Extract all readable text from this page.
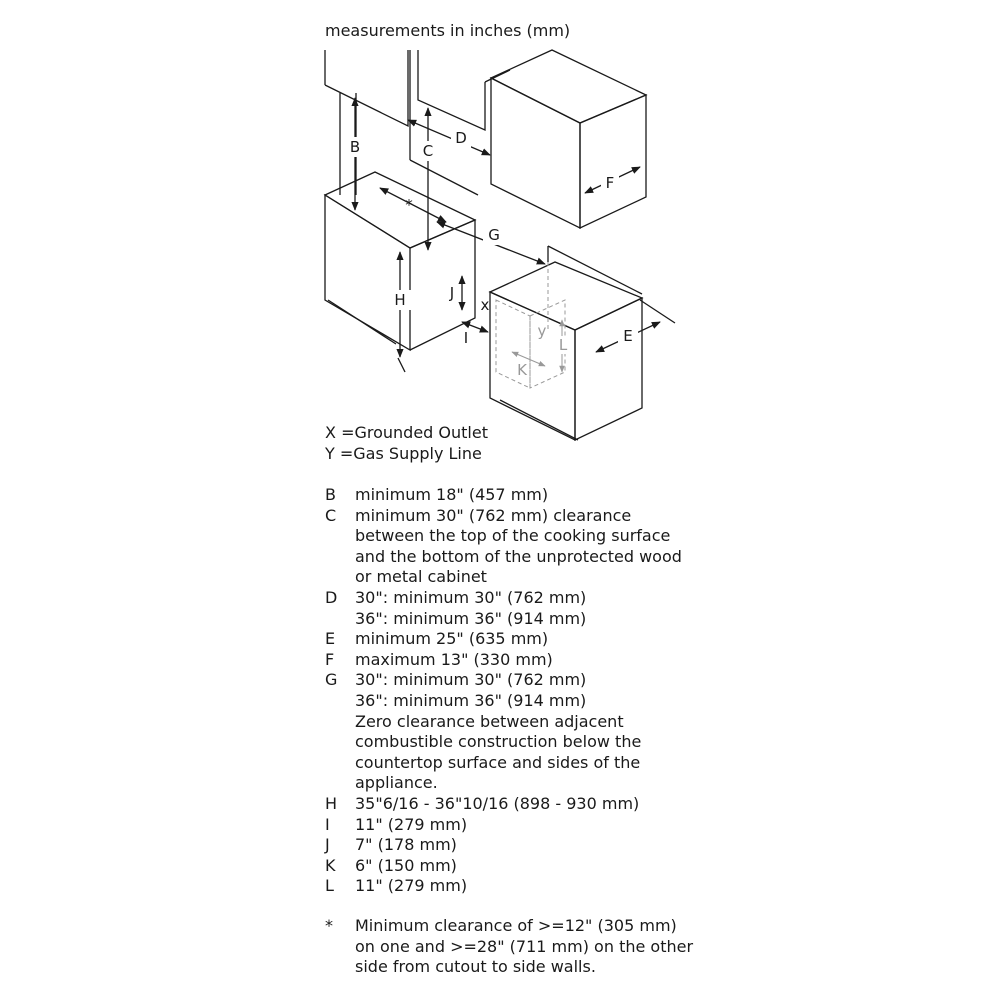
measurements in inches (mm)
B	C
D
F
*
G
H	J
x
I	E
y
L
K
X =Grounded Outlet
Y =Gas Supply Line
B	minimum 18" (457 mm)
C	minimum 30" (762 mm) clearance
between the top of the cooking surface
and the bottom of the unprotected wood
or metal cabinet
D	30": minimum 30" (762 mm)
36": minimum 36" (914 mm)
E	minimum 25" (635 mm)
F	maximum 13" (330 mm)
G	30": minimum 30" (762 mm)
36": minimum 36" (914 mm)
Zero clearance between adjacent
combustible construction below the
countertop surface and sides of the
appliance.
H	35"6/16 - 36"10/16 (898 - 930 mm)
I	11" (279 mm)
J	7" (178 mm)
K	6" (150 mm)
L	11" (279 mm)
*	Minimum clearance of >=12" (305 mm)
on one and >=28" (711 mm) on the other
side from cutout to side walls.
